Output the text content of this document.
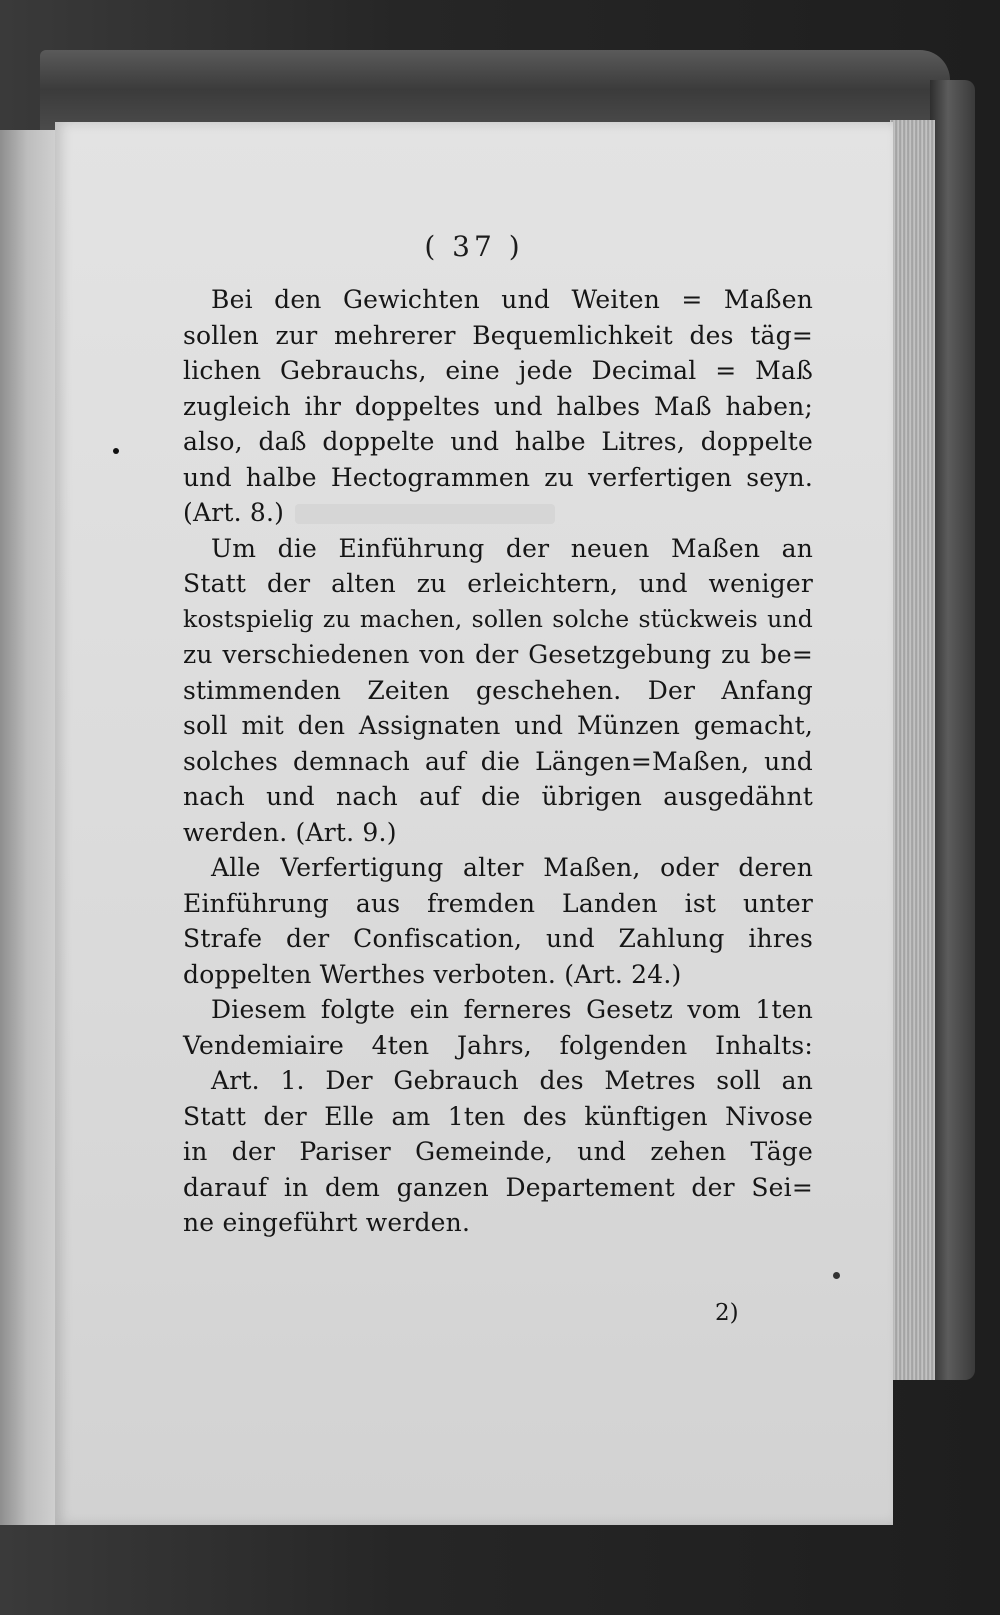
( 37 )
Bei den Gewichten und Weiten = Maßen
sollen zur mehrerer Bequemlichkeit des täg=
lichen Gebrauchs, eine jede Decimal = Maß
zugleich ihr doppeltes und halbes Maß haben;
also, daß doppelte und halbe Litres, doppelte
und halbe Hectogrammen zu verfertigen seyn.
(Art. 8.)
Um die Einführung der neuen Maßen an
Statt der alten zu erleichtern, und weniger
kostspielig zu machen, sollen solche stückweis und
zu verschiedenen von der Gesetzgebung zu be=
stimmenden Zeiten geschehen. Der Anfang
soll mit den Assignaten und Münzen gemacht,
solches demnach auf die Längen=Maßen, und
nach und nach auf die übrigen ausgedähnt
werden. (Art. 9.)
Alle Verfertigung alter Maßen, oder deren
Einführung aus fremden Landen ist unter
Strafe der Confiscation, und Zahlung ihres
doppelten Werthes verboten. (Art. 24.)
Diesem folgte ein ferneres Gesetz vom 1ten
Vendemiaire 4ten Jahrs, folgenden Inhalts:
Art. 1. Der Gebrauch des Metres soll an
Statt der Elle am 1ten des künftigen Nivose
in der Pariser Gemeinde, und zehen Täge
darauf in dem ganzen Departement der Sei=
ne eingeführt werden.
2)
